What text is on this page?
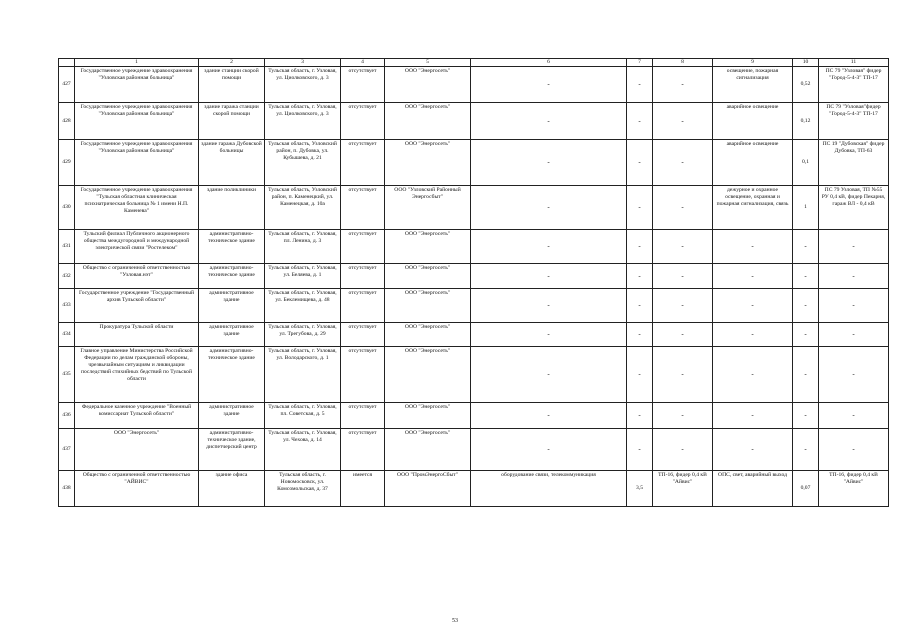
	1	2	3	4	5	6	7	8	9	10	11
427	Государственное учреждение здравоохранения "Узловская районная больница"	здание станции скорой помощи	Тульская область, г. Узловая, ул. Циолковского, д. 3	отсутствует	ООО "Энергосеть"	-	-	-	освещение, пожарная сигнализация	0,52	ПС 79 "Узловая" фидер "Город-5-4-3" ТП-17
428	Государственное учреждение здравоохранения "Узловская районная больница"	здание гаража станции скорой помощи	Тульская область, г. Узловая, ул. Циолковского, д. 3	отсутствует	ООО "Энергосеть"	-	-	-	аварийное освещение	0,12	ПС 79 "Узловая"фидер "Город-5-4-3" ТП-17
429	Государственное учреждение здравоохранения "Узловская районная больница"	здание гаража Дубовской больницы	Тульская область, Узловский район, п. Дубовка, ул. Кубышева, д. 21	отсутствует	ООО "Энергосеть"	-	-	-	аварийное освещение	0,1	ПС 19 "Дубовская" фидер Дубовка, ТП-63
430	Государственное учреждение здравоохранения "Тульская областная клиническая психиатрическая больница № 1 имени Н.П. Каменева"	здание поликлиники	Тульская область, Узловский район, п. Каменецкий, ул. Каменецкая, д. 10а	отсутствует	ООО "Узловский Районный Энергосбыт"	-	-	-	дежурное и охранное освещение, охранная и пожарная сигнализация, связь	1	ПС 79 Узловая, ТП №55 РУ 0,4 кВ, фидер Пекарня, гараж ВЛ - 0,4 кВ
431	Тульский филиал Публичного акционерного общества междугородной и международной электрической связи "Ростелеком"	административно-техническое здание	Тульская область, г. Узловая, пл. Ленина, д. 3	отсутствует	ООО "Энергосеть"	-	-	-	-	-	-
432	Общество с ограниченной ответственностью "Узловая.нэт"	административно-техническое здание	Тульская область, г. Узловая, ул. Беляева, д. 1	отсутствует	ООО "Энергосеть"	-	-	-	-	-	-
433	Государственное учреждение "Государственный архив Тульской области"	административное здание	Тульская область, г. Узловая, ул. Беклемищева, д. 48	отсутствует	ООО "Энергосеть"	-	-	-	-	-	-
434	Прокуратура Тульской области	административное здание	Тульская область, г. Узловая, ул. Трегубова, д. 29	отсутствует	ООО "Энергосеть"	-	-	-	-	-	-
435	Главное управление Министерства Российской Федерации по делам гражданской обороны, чрезвычайным ситуациям и ликвидации последствий стихийных бедствий по Тульской области	административно-техническое здание	Тульская область, г. Узловая, ул. Володарского, д. 1	отсутствует	ООО "Энергосеть"	-	-	-	-	-	-
436	Федеральное казенное учреждение "Военный комиссариат Тульской области"	административное здание	Тульская область, г. Узловая, пл. Советская, д. 5	отсутствует	ООО "Энергосеть"	-	-	-	-	-	-
437	ООО "Энергосеть"	административно-техническое здание, диспетчерский центр	Тульская область, г. Узловая, ул. Чехова, д. 14	отсутствует	ООО "Энергосеть"	-	-	-	-	-	-
438	Общество с ограниченной ответственностью "АЙВИС"	здание офиса	Тульская область, г. Новомосковск, ул. Комсомольская, д. 37	имеется	ООО "ПромЭнергоСбыт"	оборудование связи, телекоммуникация	3,5	ТП-16, фидер 0,4 кВ "Айвис"	ОПС, свет, аварийный выход	0,07	ТП-16, фидер 0,4 кВ "Айвис"
53
